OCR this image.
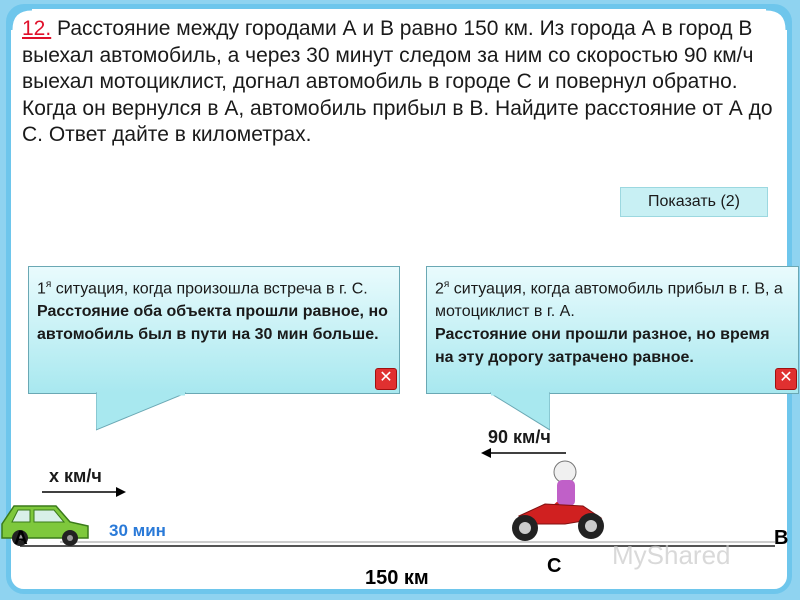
12. Расстояние между городами А и В равно 150 км. Из города А в город В выехал автомобиль, а через 30 минут следом за ним со скоростью 90 км/ч выехал мотоциклист, догнал автомобиль в городе С и повернул обратно. Когда он вернулся в А, автомобиль прибыл в В. Найдите расстояние от А до С. Ответ дайте в километрах.
Показать (2)
$1^я$ ситуация, когда произошла встреча в г. С.
Расстояние оба объекта прошли равное, но автомобиль был в пути на 30 мин больше.
✕
$2^я$ ситуация, когда автомобиль прибыл в г. В, а мотоциклист в г. А.
Расстояние они прошли разное, но время на эту дорогу затрачено равное.
✕
x км/ч
90 км/ч
30 мин
А	В
С
150 км
MyShared
